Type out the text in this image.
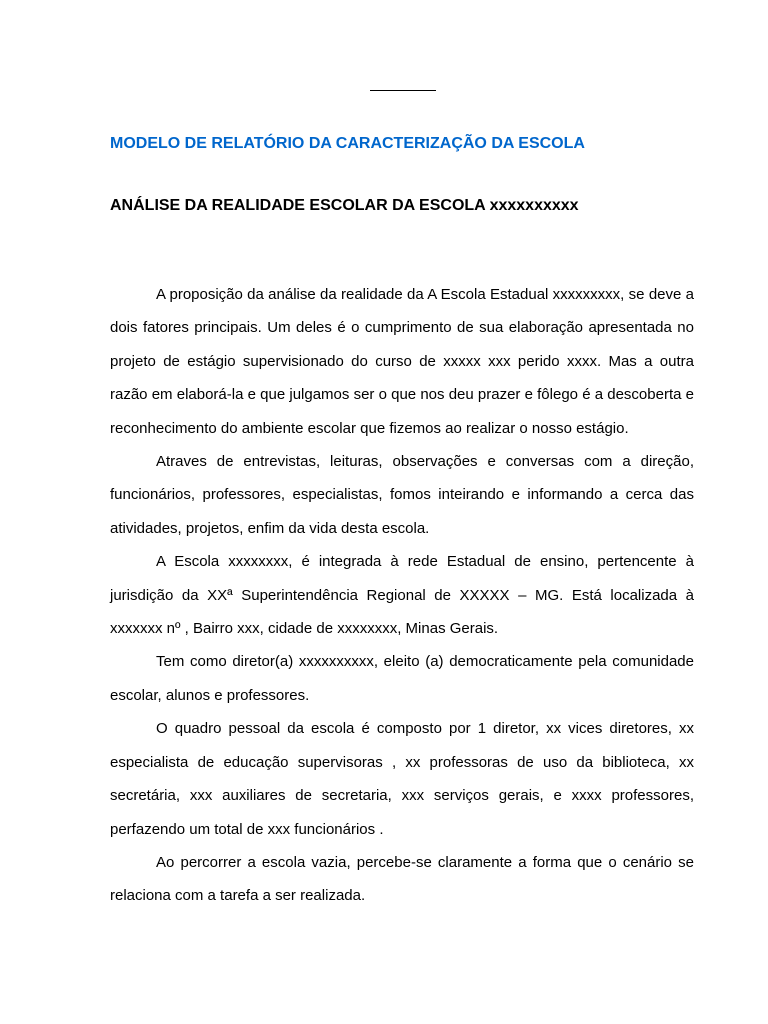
MODELO DE RELATÓRIO DA CARACTERIZAÇÃO DA ESCOLA
ANÁLISE DA REALIDADE ESCOLAR DA ESCOLA xxxxxxxxxx

A proposição da análise da realidade da A Escola Estadual xxxxxxxxx, se deve a dois fatores principais. Um deles é o cumprimento de sua elaboração apresentada no projeto de estágio supervisionado do curso de xxxxx xxx perido xxxx. Mas a outra razão em elaborá-la e que julgamos ser o que nos deu prazer e fôlego é a descoberta e reconhecimento do ambiente escolar que fizemos ao realizar o nosso estágio.

Atraves de entrevistas, leituras, observações e conversas com a direção, funcionários, professores, especialistas, fomos inteirando e informando a cerca das atividades, projetos, enfim da vida desta escola.

A Escola xxxxxxxx, é integrada à rede Estadual de ensino, pertencente à jurisdição da XXª Superintendência Regional de XXXXX – MG. Está localizada à xxxxxxx nº , Bairro xxx, cidade de xxxxxxxx, Minas Gerais.

Tem como diretor(a) xxxxxxxxxx, eleito (a) democraticamente pela comunidade escolar, alunos e professores.

O quadro pessoal da escola é composto por 1 diretor, xx vices diretores, xx especialista de educação supervisoras , xx professoras de uso da biblioteca, xx secretária, xxx auxiliares de secretaria, xxx serviços gerais, e xxxx professores, perfazendo um total de xxx funcionários .

Ao percorrer a escola vazia, percebe-se claramente a forma que o cenário se relaciona com a tarefa a ser realizada.
